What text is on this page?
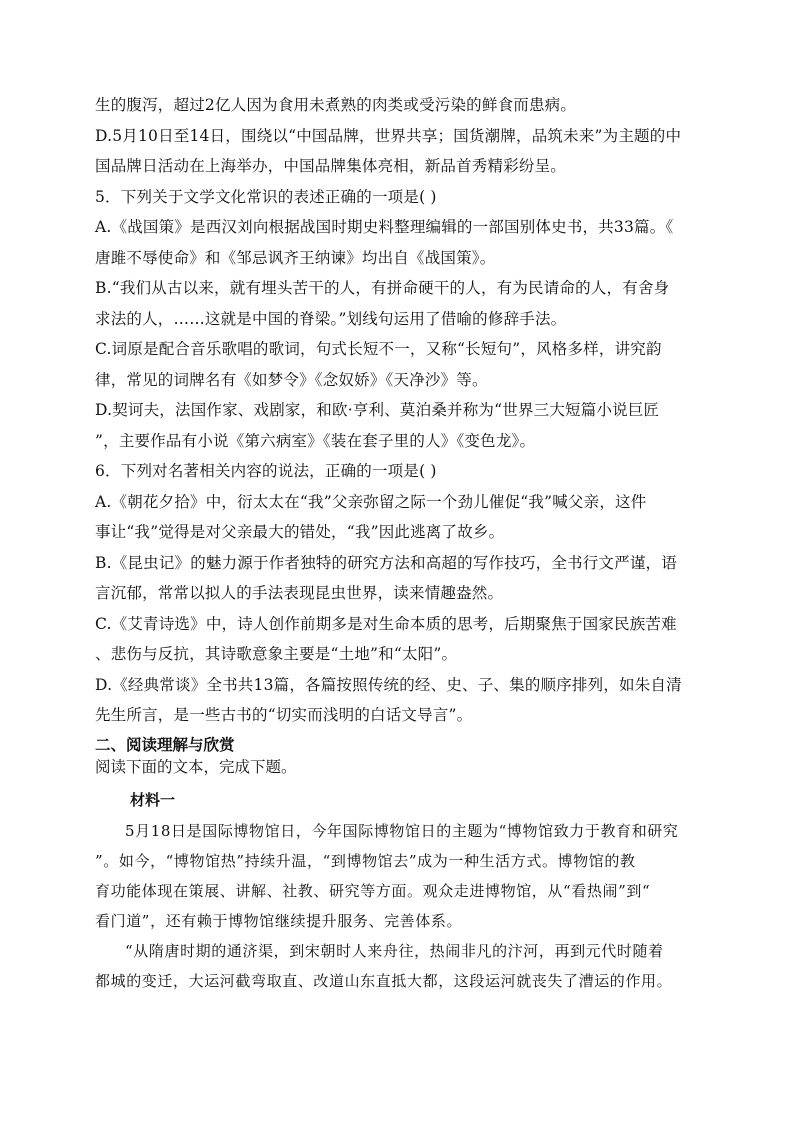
生的腹泻，超过2亿人因为食用未煮熟的肉类或受污染的鲜食而患病。
D.5月10日至14日，围绕以“中国品牌，世界共享；国货潮牌，品筑未来”为主题的中
国品牌日活动在上海举办，中国品牌集体亮相，新品首秀精彩纷呈。
5．下列关于文学文化常识的表述正确的一项是( )
A.《战国策》是西汉刘向根据战国时期史料整理编辑的一部国别体史书，共33篇。《
唐雎不辱使命》和《邹忌讽齐王纳谏》均出自《战国策》。
B.“我们从古以来，就有埋头苦干的人，有拼命硬干的人，有为民请命的人，有舍身
求法的人，……这就是中国的脊梁。”划线句运用了借喻的修辞手法。
C.词原是配合音乐歌唱的歌词，句式长短不一，又称“长短句”，风格多样，讲究韵
律，常见的词牌名有《如梦令》《念奴娇》《天净沙》等。
D.契诃夫，法国作家、戏剧家，和欧·亨利、莫泊桑并称为“世界三大短篇小说巨匠
”，主要作品有小说《第六病室》《装在套子里的人》《变色龙》。
6．下列对名著相关内容的说法，正确的一项是( )
A.《朝花夕拾》中，衍太太在“我”父亲弥留之际一个劲儿催促“我”喊父亲，这件
事让“我”觉得是对父亲最大的错处，“我”因此逃离了故乡。
B.《昆虫记》的魅力源于作者独特的研究方法和高超的写作技巧，全书行文严谨，语
言沉郁，常常以拟人的手法表现昆虫世界，读来情趣盎然。
C.《艾青诗选》中，诗人创作前期多是对生命本质的思考，后期聚焦于国家民族苦难
、悲伤与反抗，其诗歌意象主要是“土地”和“太阳”。
D.《经典常谈》全书共13篇，各篇按照传统的经、史、子、集的顺序排列，如朱自清
先生所言，是一些古书的“切实而浅明的白话文导言”。
二、阅读理解与欣赏
阅读下面的文本，完成下题。
材料一
5月18日是国际博物馆日，今年国际博物馆日的主题为“博物馆致力于教育和研究
”。如今，“博物馆热”持续升温，“到博物馆去”成为一种生活方式。博物馆的教
育功能体现在策展、讲解、社教、研究等方面。观众走进博物馆，从“看热闹”到“
看门道”，还有赖于博物馆继续提升服务、完善体系。
“从隋唐时期的通济渠，到宋朝时人来舟往，热闹非凡的汴河，再到元代时随着
都城的变迁，大运河截弯取直、改道山东直抵大都，这段运河就丧失了漕运的作用。
